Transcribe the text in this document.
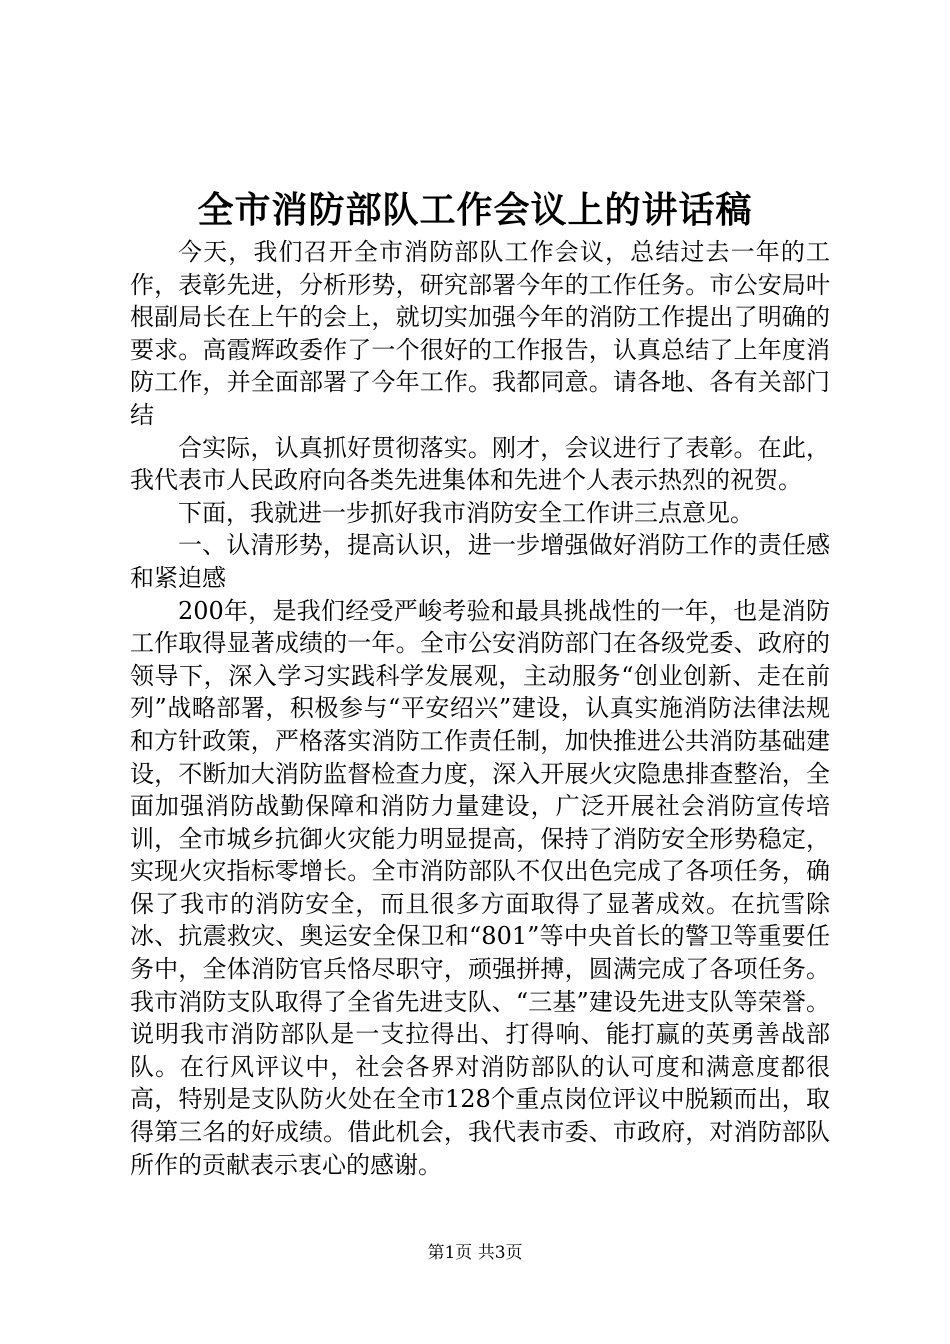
全市消防部队工作会议上的讲话稿

今天，我们召开全市消防部队工作会议，总结过去一年的工作，表彰先进，分析形势，研究部署今年的工作任务。市公安局叶根副局长在上午的会上，就切实加强今年的消防工作提出了明确的要求。高霞辉政委作了一个很好的工作报告，认真总结了上年度消防工作，并全面部署了今年工作。我都同意。请各地、各有关部门结

合实际，认真抓好贯彻落实。刚才，会议进行了表彰。在此，我代表市人民政府向各类先进集体和先进个人表示热烈的祝贺。

下面，我就进一步抓好我市消防安全工作讲三点意见。

一、认清形势，提高认识，进一步增强做好消防工作的责任感和紧迫感

200年，是我们经受严峻考验和最具挑战性的一年，也是消防工作取得显著成绩的一年。全市公安消防部门在各级党委、政府的领导下，深入学习实践科学发展观，主动服务“创业创新、走在前列”战略部署，积极参与“平安绍兴”建设，认真实施消防法律法规和方针政策，严格落实消防工作责任制，加快推进公共消防基础建设，不断加大消防监督检查力度，深入开展火灾隐患排查整治，全面加强消防战勤保障和消防力量建设，广泛开展社会消防宣传培训，全市城乡抗御火灾能力明显提高，保持了消防安全形势稳定，实现火灾指标零增长。全市消防部队不仅出色完成了各项任务，确保了我市的消防安全，而且很多方面取得了显著成效。在抗雪除冰、抗震救灾、奥运安全保卫和“801”等中央首长的警卫等重要任务中，全体消防官兵恪尽职守，顽强拼搏，圆满完成了各项任务。我市消防支队取得了全省先进支队、“三基”建设先进支队等荣誉。说明我市消防部队是一支拉得出、打得响、能打赢的英勇善战部队。在行风评议中，社会各界对消防部队的认可度和满意度都很高，特别是支队防火处在全市128个重点岗位评议中脱颖而出，取得第三名的好成绩。借此机会，我代表市委、市政府，对消防部队所作的贡献表示衷心的感谢。

第1页 共3页
